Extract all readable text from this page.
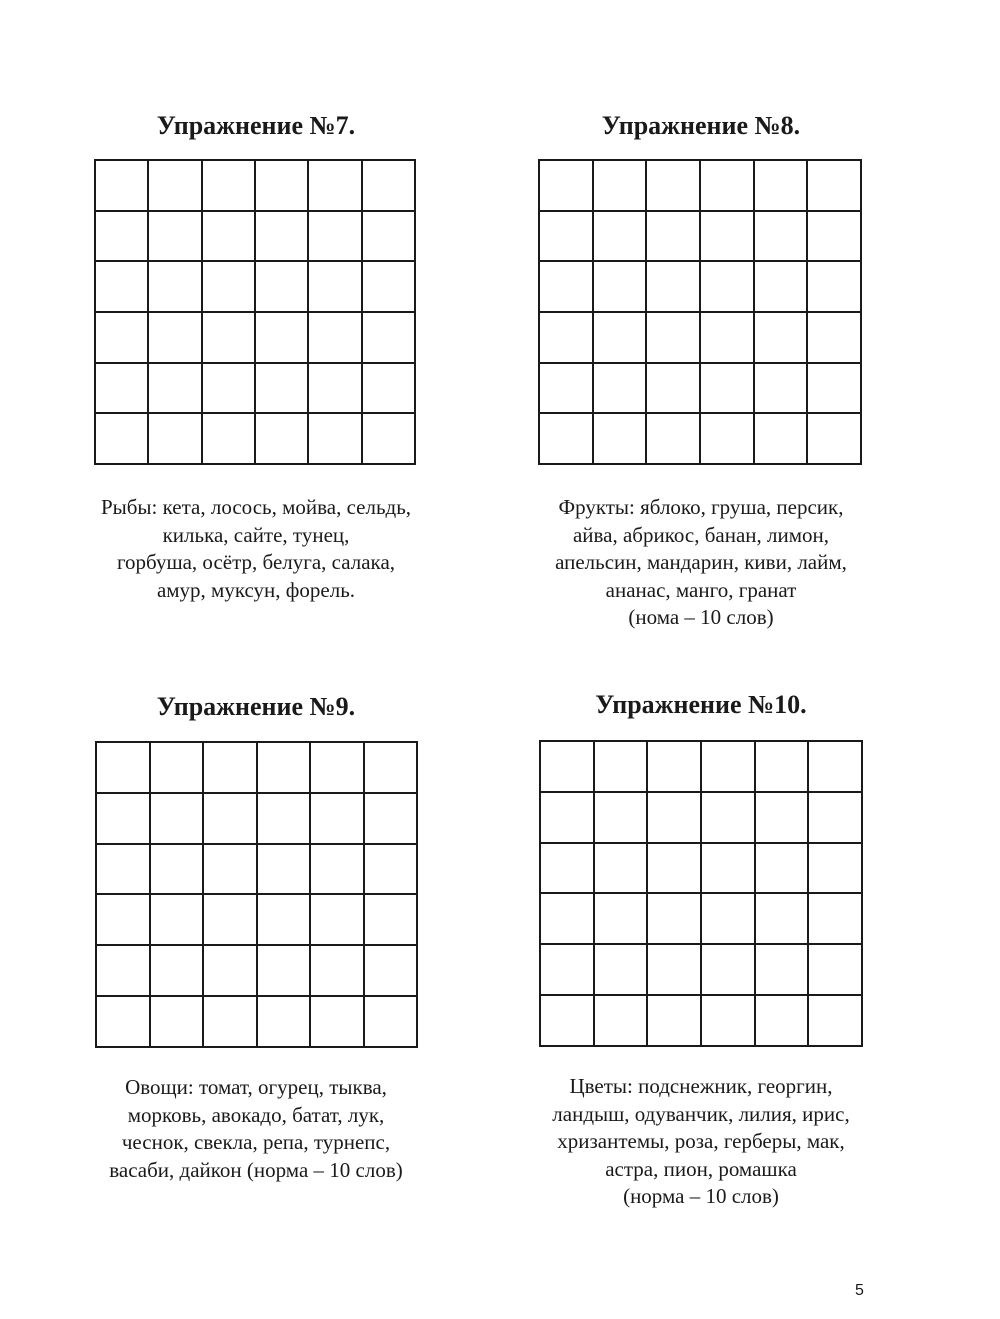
Упражнение №7.
Рыбы: кета, лосось, мойва, сельдь,
килька, сайте, тунец,
горбуша, осётр, белуга, салака,
амур, муксун, форель.
Упражнение №8.
Фрукты: яблоко, груша, персик,
айва, абрикос, банан, лимон,
апельсин, мандарин, киви, лайм,
ананас, манго, гранат
(нома – 10 слов)
Упражнение №9.
Овощи: томат, огурец, тыква,
морковь, авокадо, батат, лук,
чеснок, свекла, репа, турнепс,
васаби, дайкон (норма – 10 слов)
Упражнение №10.
Цветы: подснежник, георгин,
ландыш, одуванчик, лилия, ирис,
хризантемы, роза, герберы, мак,
астра, пион, ромашка
(норма – 10 слов)
5
